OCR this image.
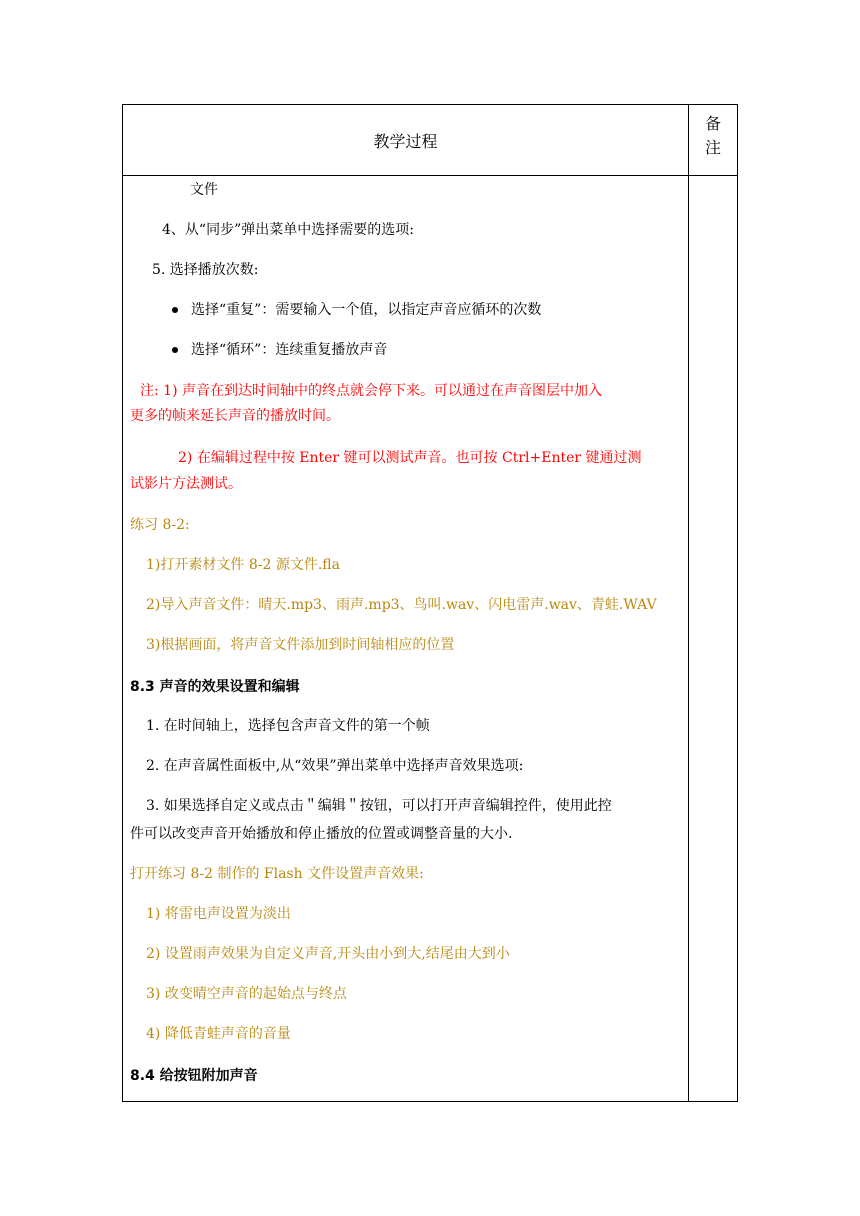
教学过程
备
注
文件
4、从“同步”弹出菜单中选择需要的选项:
5. 选择播放次数:
选择“重复”：需要输入一个值，以指定声音应循环的次数
选择“循环”：连续重复播放声音
注: 1) 声音在到达时间轴中的终点就会停下来。可以通过在声音图层中加入
更多的帧来延长声音的播放时间。
2) 在编辑过程中按 Enter 键可以测试声音。也可按 Ctrl+Enter 键通过测
试影片方法测试。
练习 8-2:
1)打开素材文件 8-2 源文件.fla
2)导入声音文件：晴天.mp3、雨声.mp3、鸟叫.wav、闪电雷声.wav、青蛙.WAV
3)根据画面，将声音文件添加到时间轴相应的位置
8.3 声音的效果设置和编辑
1. 在时间轴上，选择包含声音文件的第一个帧
2. 在声音属性面板中,从“效果”弹出菜单中选择声音效果选项:
3. 如果选择自定义或点击＂编辑＂按钮，可以打开声音编辑控件，使用此控
件可以改变声音开始播放和停止播放的位置或调整音量的大小.
打开练习 8-2 制作的 Flash 文件设置声音效果:
1) 将雷电声设置为淡出
2) 设置雨声效果为自定义声音,开头由小到大,结尾由大到小
3) 改变晴空声音的起始点与终点
4) 降低青蛙声音的音量
8.4 给按钮附加声音
